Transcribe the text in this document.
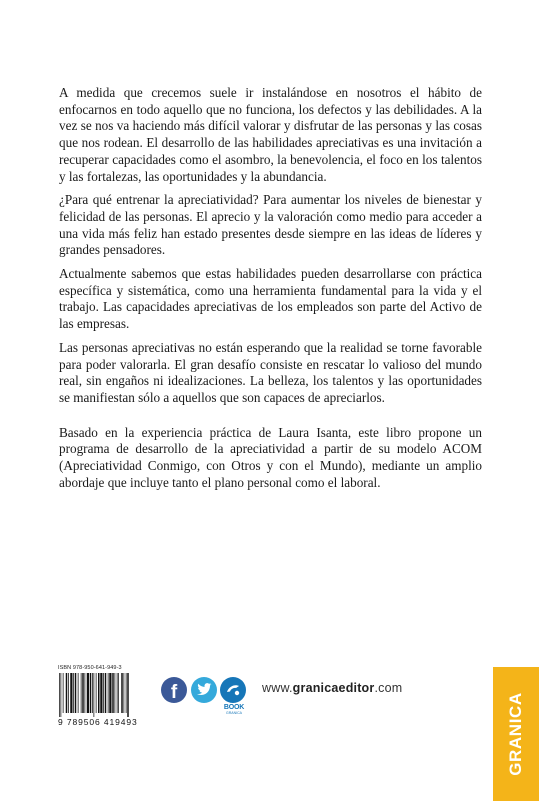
A medida que crecemos suele ir instalándose en nosotros el hábito de enfocarnos en todo aquello que no funciona, los defectos y las debilidades. A la vez se nos va haciendo más difícil valorar y disfrutar de las personas y las cosas que nos rodean. El desarrollo de las habilidades apreciativas es una invitación a recuperar capacidades como el asombro, la benevolencia, el foco en los talentos y las fortalezas, las oportunidades y la abundancia.

¿Para qué entrenar la apreciatividad? Para aumentar los niveles de bienestar y felicidad de las personas. El aprecio y la valoración como medio para acceder a una vida más feliz han estado presentes desde siempre en las ideas de líderes y grandes pensadores.

Actualmente sabemos que estas habilidades pueden desarrollarse con práctica específica y sistemática, como una herramienta fundamental para la vida y el trabajo. Las capacidades apreciativas de los empleados son parte del Activo de las empresas.

Las personas apreciativas no están esperando que la realidad se torne favorable para poder valorarla. El gran desafío consiste en rescatar lo valioso del mundo real, sin engaños ni idealizaciones. La belleza, los talentos y las oportunidades se manifiestan sólo a aquellos que son capaces de apreciarlos.

Basado en la experiencia práctica de Laura Isanta, este libro propone un programa de desarrollo de la apreciatividad a partir de su modelo ACOM (Apreciatividad Conmigo, con Otros y con el Mundo), mediante un amplio abordaje que incluye tanto el plano personal como el laboral.

ISBN 978-950-641-949-3
9 789506 419493
f
BOOK
GRANICA
www.granicaeditor.com
GRANICA
